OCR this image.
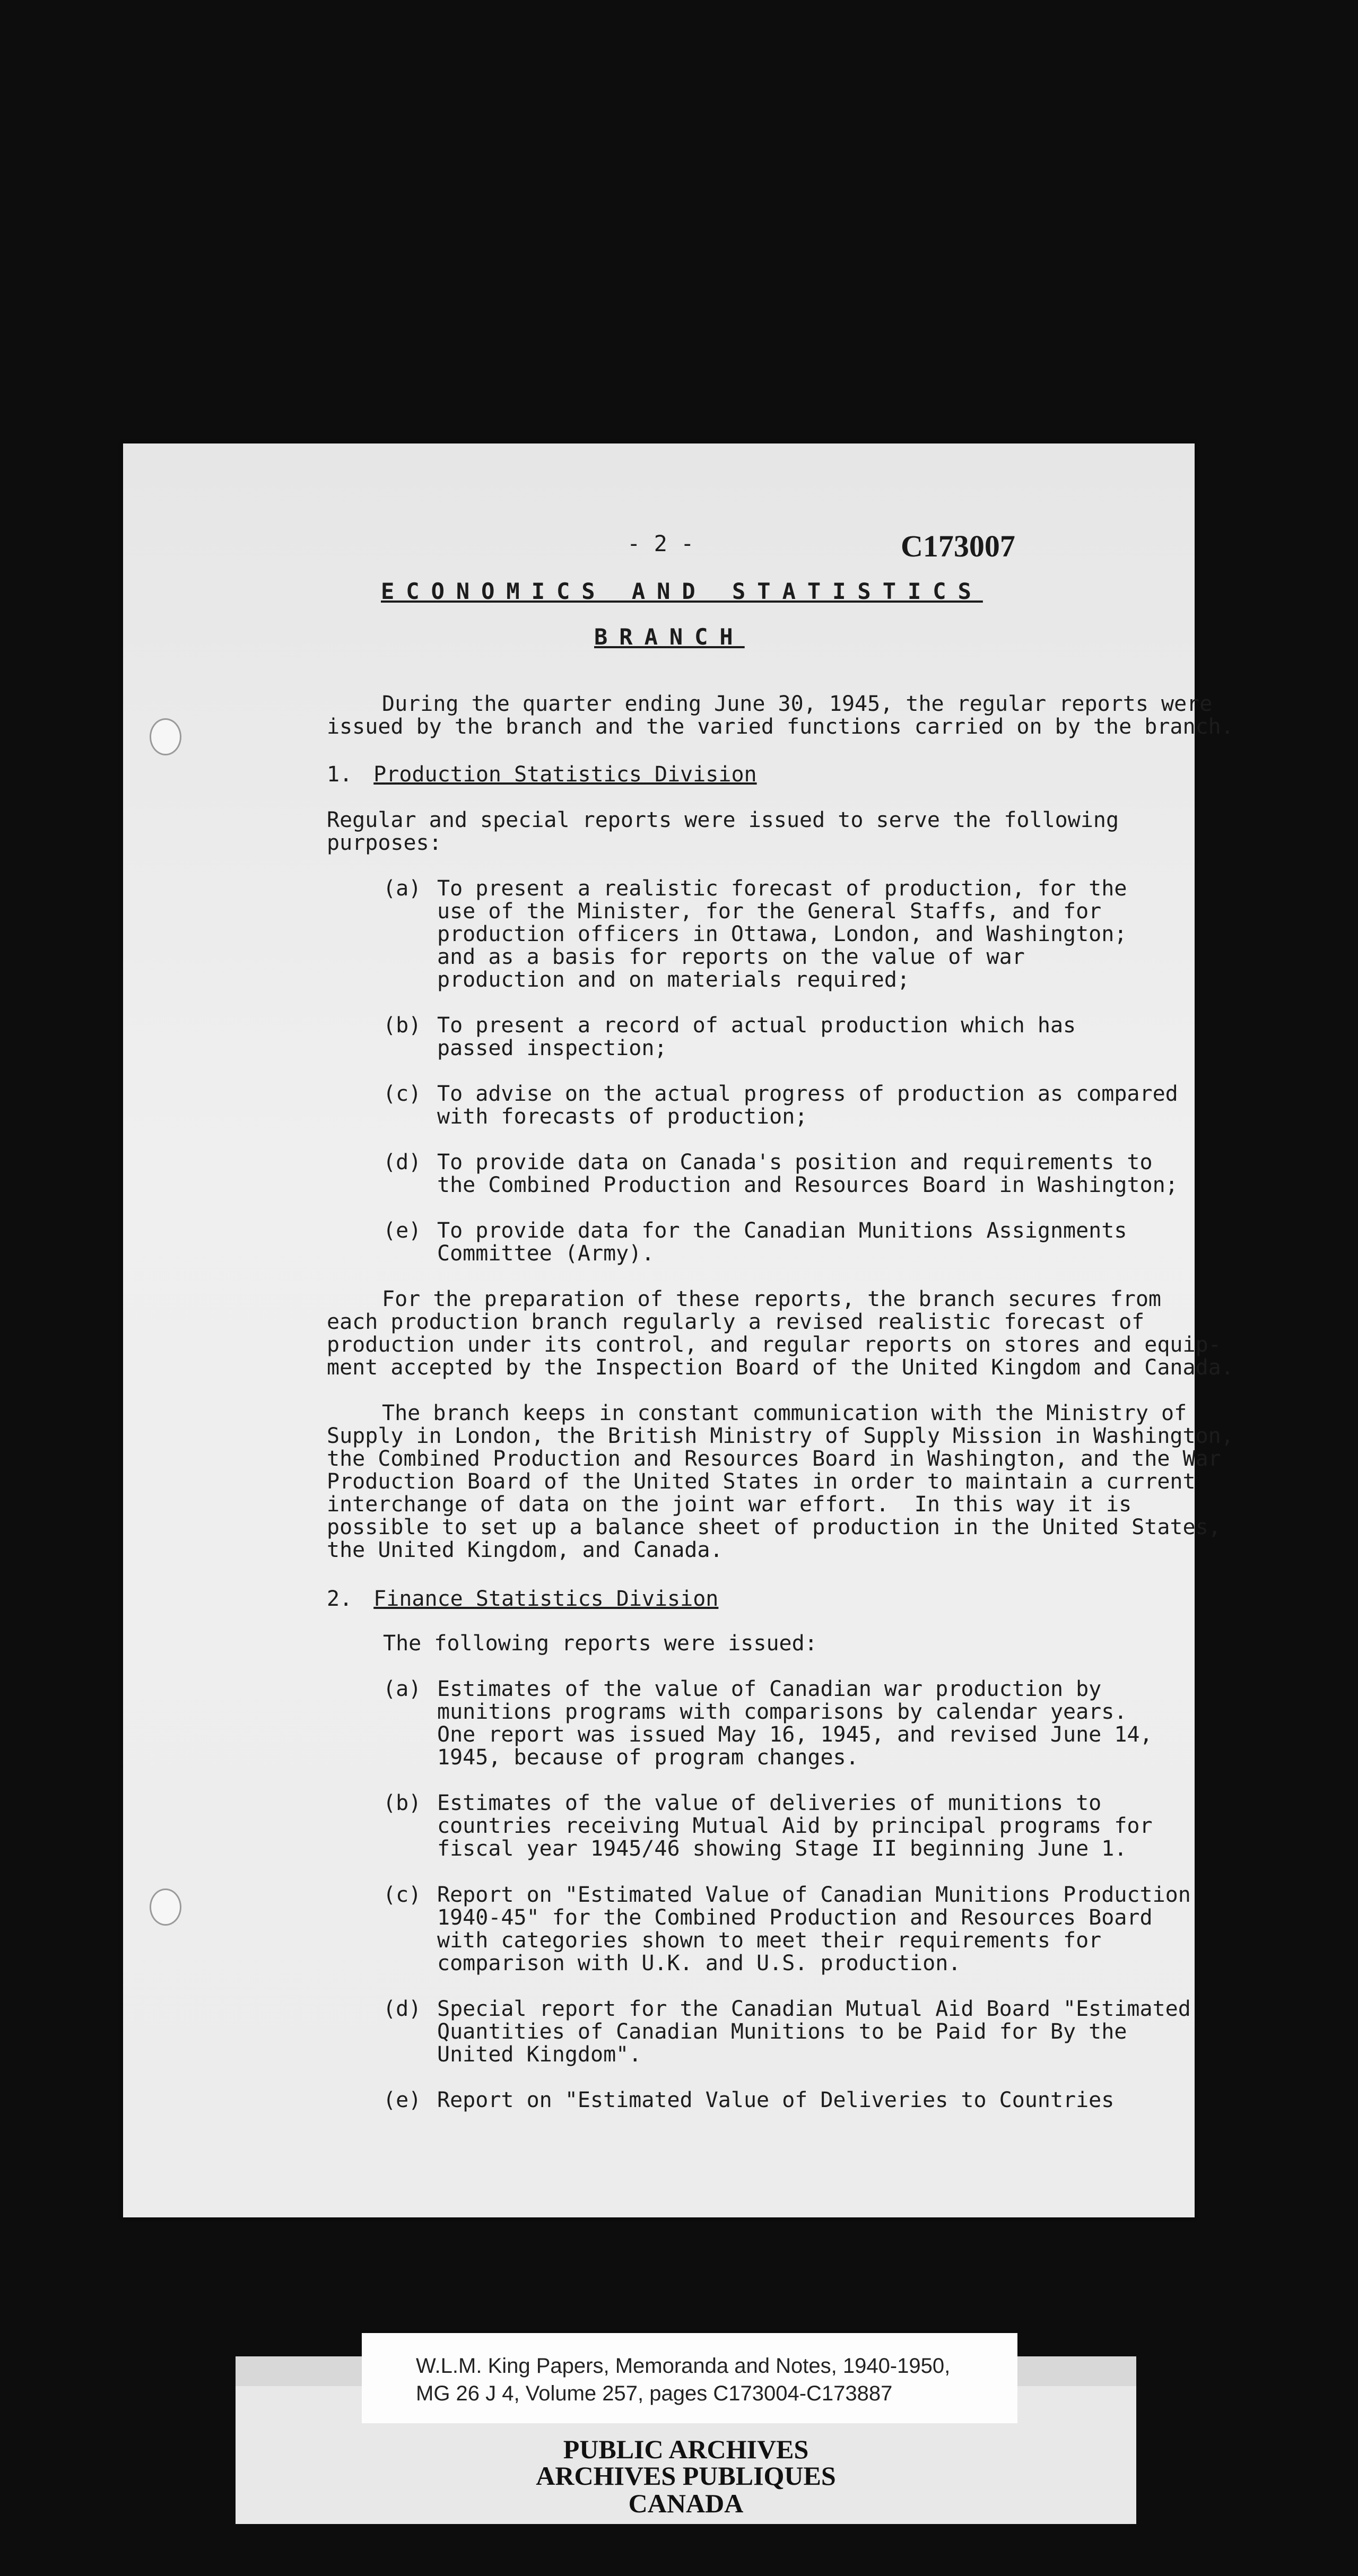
- 2 -	C173007
ECONOMICS AND STATISTICS
BRANCH
During the quarter ending June 30, 1945, the regular reports were
issued by the branch and the varied functions carried on by the branch.
1. Production Statistics Division
Regular and special reports were issued to serve the following
purposes:
(a) To present a realistic forecast of production, for the
use of the Minister, for the General Staffs, and for
production officers in Ottawa, London, and Washington;
and as a basis for reports on the value of war
production and on materials required;
(b) To present a record of actual production which has
passed inspection;
(c) To advise on the actual progress of production as
with forecasts of production;
(d) To provide data on Canada's position and requirements
the Combined Production and Resources Board in Washington;
(e) To provide data for the Canadian Munitions Assignments
Committee (Army).
For the preparation of these reports, the branch secures from
each production branch regularly a revised realistic forecast of
production under its control, and regular reports on stores and equip-
ment accepted by the Inspection Board of the United Kingdom and Canada.
The branch keeps in constant communication with the Ministry of
Supply in London, the British Ministry of Supply Mission in Washington,
the Combined Production and Resources Board in Washington, and the War
Production Board of the United States in order to maintain a current
interchange of data on the joint war effort.  In this way it is
possible to set up a balance sheet of production in the United States,
the United Kingdom, and Canada.
2. Finance Statistics Division
The following reports were issued:
(a) Estimates of the value of Canadian war production by
munitions programs with comparisons by calendar years.
One report was issued May 16, 1945, and revised June
1945, because of program changes.
(b) Estimates of the value of deliveries of munitions to
countries receiving Mutual Aid by principal programs
fiscal year 1945/46 showing Stage II beginning June 1.
(c) Report on "Estimated Value of Canadian Munitions
1940-45" for the Combined Production and Resources Board
with categories shown to meet their requirements for
comparison with U.K. and U.S. production.
(d) Special report for the Canadian Mutual Aid Board
Quantities of Canadian Munitions to be Paid for By the
United Kingdom".
(e) Report on "Estimated Value of Deliveries to Countries
PUBLIC ARCHIVES
ARCHIVES PUBLIQUES
CANADA
W.L.M. King Papers, Memoranda and Notes, 1940-1950,
MG 26 J 4, Volume 257, pages C173004-C173887
